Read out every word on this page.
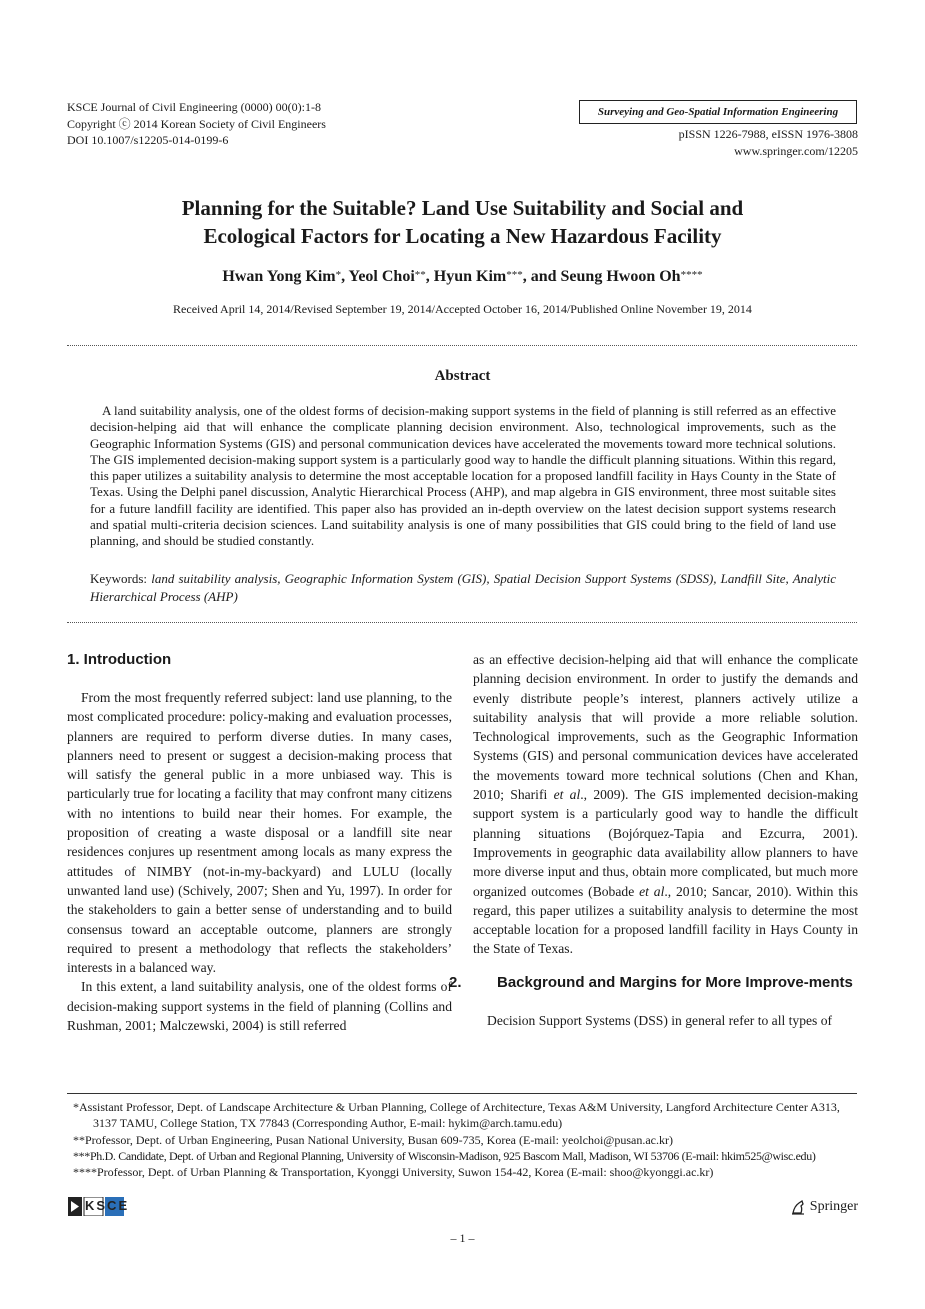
KSCE Journal of Civil Engineering (0000) 00(0):1-8
Copyright ⓒ 2014 Korean Society of Civil Engineers
DOI 10.1007/s12205-014-0199-6
Surveying and Geo-Spatial Information Engineering
pISSN 1226-7988, eISSN 1976-3808
www.springer.com/12205
Planning for the Suitable? Land Use Suitability and Social and
Ecological Factors for Locating a New Hazardous Facility
Hwan Yong Kim*, Yeol Choi**, Hyun Kim***, and Seung Hwoon Oh****
Received April 14, 2014/Revised September 19, 2014/Accepted October 16, 2014/Published Online November 19, 2014
Abstract
A land suitability analysis, one of the oldest forms of decision-making support systems in the field of planning is still referred as an effective decision-helping aid that will enhance the complicate planning decision environment. Also, technological improvements, such as the Geographic Information Systems (GIS) and personal communication devices have accelerated the movements toward more technical solutions. The GIS implemented decision-making support system is a particularly good way to handle the difficult planning situations. Within this regard, this paper utilizes a suitability analysis to determine the most acceptable location for a proposed landfill facility in Hays County in the State of Texas. Using the Delphi panel discussion, Analytic Hierarchical Process (AHP), and map algebra in GIS environment, three most suitable sites for a future landfill facility are identified. This paper also has provided an in-depth overview on the latest decision support systems research and spatial multi-criteria decision sciences. Land suitability analysis is one of many possibilities that GIS could bring to the field of land use planning, and should be studied constantly.
Keywords: land suitability analysis, Geographic Information System (GIS), Spatial Decision Support Systems (SDSS), Landfill Site, Analytic Hierarchical Process (AHP)
1. Introduction

From the most frequently referred subject: land use planning, to the most complicated procedure: policy-making and evaluation processes, planners are required to perform diverse duties. In many cases, planners need to present or suggest a decision-making process that will satisfy the general public in a more unbiased way. This is particularly true for locating a facility that may confront many citizens with no intentions to build near their homes. For example, the proposition of creating a waste disposal or a landfill site near residences conjures up resentment among locals as many express the attitudes of NIMBY (not-in-my-backyard) and LULU (locally unwanted land use) (Schively, 2007; Shen and Yu, 1997). In order for the stakeholders to gain a better sense of understanding and to build consensus toward an acceptable outcome, planners are strongly required to present a methodology that reflects the stakeholders’ interests in a balanced way.

In this extent, a land suitability analysis, one of the oldest forms of decision-making support systems in the field of planning (Collins and Rushman, 2001; Malczewski, 2004) is still referred

as an effective decision-helping aid that will enhance the complicate planning decision environment. In order to justify the demands and evenly distribute people’s interest, planners actively utilize a suitability analysis that will provide a more reliable solution. Technological improvements, such as the Geographic Information Systems (GIS) and personal communication devices have accelerated the movements toward more technical solutions (Chen and Khan, 2010; Sharifi et al., 2009). The GIS implemented decision-making support system is a particularly good way to handle the difficult planning situations (Bojórquez-Tapia and Ezcurra, 2001). Improvements in geographic data availability allow planners to have more diverse input and thus, obtain more complicated, but much more organized outcomes (Bobade et al., 2010; Sancar, 2010). Within this regard, this paper utilizes a suitability analysis to determine the most acceptable location for a proposed landfill facility in Hays County in the State of Texas.

2. Background and Margins for More Improve-ments

Decision Support Systems (DSS) in general refer to all types of

*Assistant Professor, Dept. of Landscape Architecture & Urban Planning, College of Architecture, Texas A&M University, Langford Architecture Center A313, 3137 TAMU, College Station, TX 77843 (Corresponding Author, E-mail: hykim@arch.tamu.edu)
**Professor, Dept. of Urban Engineering, Pusan National University, Busan 609-735, Korea (E-mail: yeolchoi@pusan.ac.kr)
***Ph.D. Candidate, Dept. of Urban and Regional Planning, University of Wisconsin-Madison, 925 Bascom Mall, Madison, WI 53706 (E-mail: hkim525@wisc.edu)
****Professor, Dept. of Urban Planning & Transportation, Kyonggi University, Suwon 154-42, Korea (E-mail: shoo@kyonggi.ac.kr)
KSCE
– 1 –
Springer
